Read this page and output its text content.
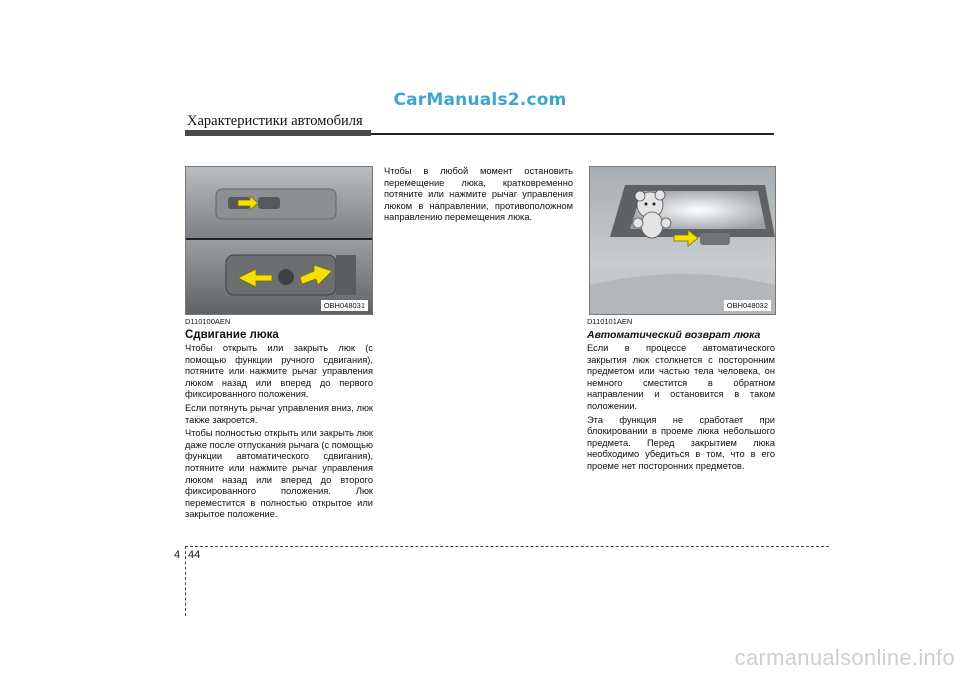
CarManuals2.com
Характеристики автомобиля
OBH048031	OBH048032
D110100AEN
Сдвигание люка

Чтобы открыть или закрыть люк (с помощью функции ручного сдвигания), потяните или нажмите рычаг управления люком назад или вперед до первого фиксированного положения.

Если потянуть рычаг управления вниз, люк также закроется.

Чтобы полностью открыть или закрыть люк даже после отпускания рычага (с помощью функции автоматического сдвигания), потяните или нажмите рычаг управления люком назад или вперед до второго фиксированного положения. Люк переместится в полностью открытое или закрытое положение.

Чтобы в любой момент остановить перемещение люка, кратковременно потяните или нажмите рычаг управления люком в направлении, противоположном направлению перемещения люка.

D110101AEN
Автоматический возврат люка

Если в процессе автоматического закрытия люк столкнется с посторонним предметом или частью тела человека, он немного сместится в обратном направлении и остановится в таком положении.

Эта функция не сработает при блокировании в проеме люка небольшого предмета. Перед закрытием люка необходимо убедиться в том, что в его проеме нет посторонних предметов.

4 44
carmanualsonline.info
